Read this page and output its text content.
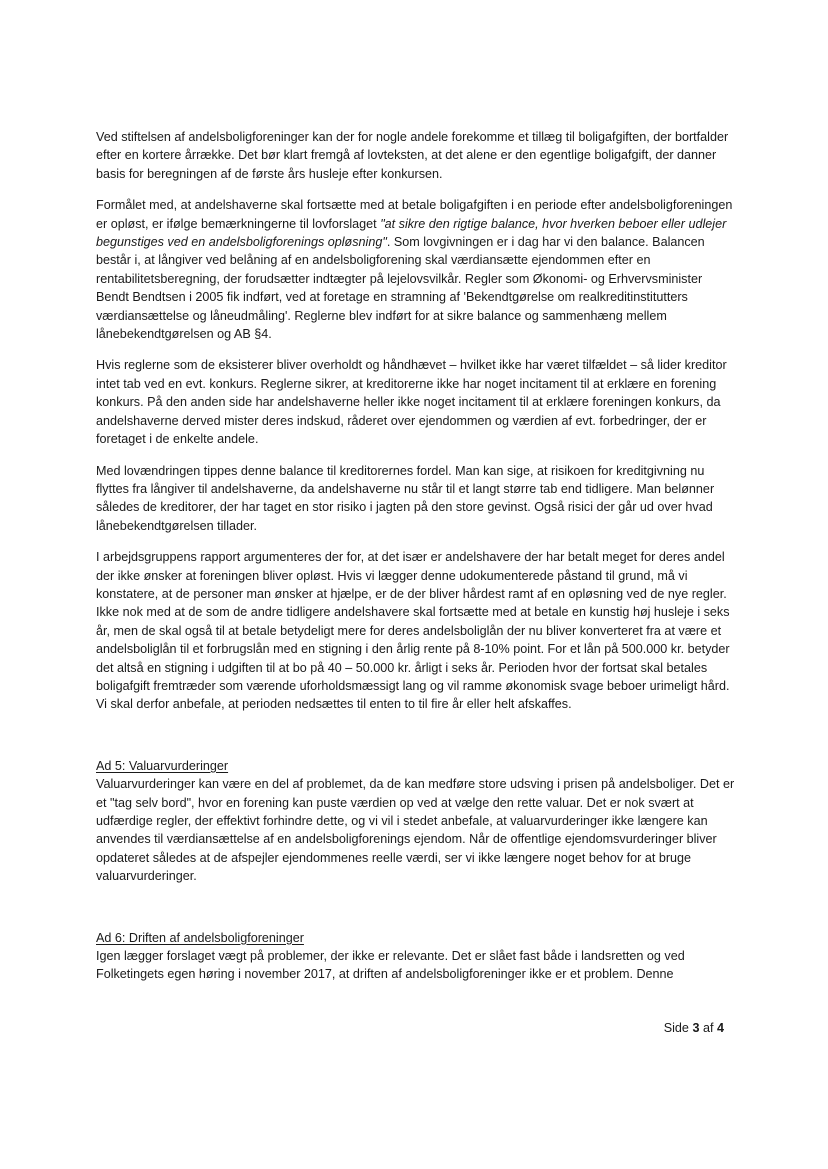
Ved stiftelsen af andelsboligforeninger kan der for nogle andele forekomme et tillæg til boligafgiften, der bortfalder efter en kortere årrække. Det bør klart fremgå af lovteksten, at det alene er den egentlige boligafgift, der danner basis for beregningen af de første års husleje efter konkursen.

Formålet med, at andelshaverne skal fortsætte med at betale boligafgiften i en periode efter andelsboligforeningen er opløst, er ifølge bemærkningerne til lovforslaget "at sikre den rigtige balance, hvor hverken beboer eller udlejer begunstiges ved en andelsboligforenings opløsning". Som lovgivningen er i dag har vi den balance. Balancen består i, at långiver ved belåning af en andelsboligforening skal værdiansætte ejendommen efter en rentabilitetsberegning, der forudsætter indtægter på lejelovsvilkår. Regler som Økonomi- og Erhvervsminister Bendt Bendtsen i 2005 fik indført, ved at foretage en stramning af 'Bekendtgørelse om realkreditinstitutters værdiansættelse og låneudmåling'. Reglerne blev indført for at sikre balance og sammenhæng mellem lånebekendtgørelsen og AB §4.

Hvis reglerne som de eksisterer bliver overholdt og håndhævet – hvilket ikke har været tilfældet – så lider kreditor intet tab ved en evt. konkurs. Reglerne sikrer, at kreditorerne ikke har noget incitament til at erklære en forening konkurs. På den anden side har andelshaverne heller ikke noget incitament til at erklære foreningen konkurs, da andelshaverne derved mister deres indskud, råderet over ejendommen og værdien af evt. forbedringer, der er foretaget i de enkelte andele.

Med lovændringen tippes denne balance til kreditorernes fordel. Man kan sige, at risikoen for kreditgivning nu flyttes fra långiver til andelshaverne, da andelshaverne nu står til et langt større tab end tidligere. Man belønner således de kreditorer, der har taget en stor risiko i jagten på den store gevinst. Også risici der går ud over hvad lånebekendtgørelsen tillader.

I arbejdsgruppens rapport argumenteres der for, at det især er andelshavere der har betalt meget for deres andel der ikke ønsker at foreningen bliver opløst. Hvis vi lægger denne udokumenterede påstand til grund, må vi konstatere, at de personer man ønsker at hjælpe, er de der bliver hårdest ramt af en opløsning ved de nye regler. Ikke nok med at de som de andre tidligere andelshavere skal fortsætte med at betale en kunstig høj husleje i seks år, men de skal også til at betale betydeligt mere for deres andelsboliglån der nu bliver konverteret fra at være et andelsboliglån til et forbrugslån med en stigning i den årlig rente på 8-10% point. For et lån på 500.000 kr. betyder det altså en stigning i udgiften til at bo på 40 – 50.000 kr. årligt i seks år. Perioden hvor der fortsat skal betales boligafgift fremtræder som værende uforholdsmæssigt lang og vil ramme økonomisk svage beboer urimeligt hård. Vi skal derfor anbefale, at perioden nedsættes til enten to til fire år eller helt afskaffes.

Ad 5: Valuarvurderinger

Valuarvurderinger kan være en del af problemet, da de kan medføre store udsving i prisen på andelsboliger. Det er et "tag selv bord", hvor en forening kan puste værdien op ved at vælge den rette valuar. Det er nok svært at udfærdige regler, der effektivt forhindre dette, og vi vil i stedet anbefale, at valuarvurderinger ikke længere kan anvendes til værdiansættelse af en andelsboligforenings ejendom. Når de offentlige ejendomsvurderinger bliver opdateret således at de afspejler ejendommenes reelle værdi, ser vi ikke længere noget behov for at bruge valuarvurderinger.

Ad 6: Driften af andelsboligforeninger

Igen lægger forslaget vægt på problemer, der ikke er relevante. Det er slået fast både i landsretten og ved Folketingets egen høring i november 2017, at driften af andelsboligforeninger ikke er et problem. Denne

Side 3 af 4
